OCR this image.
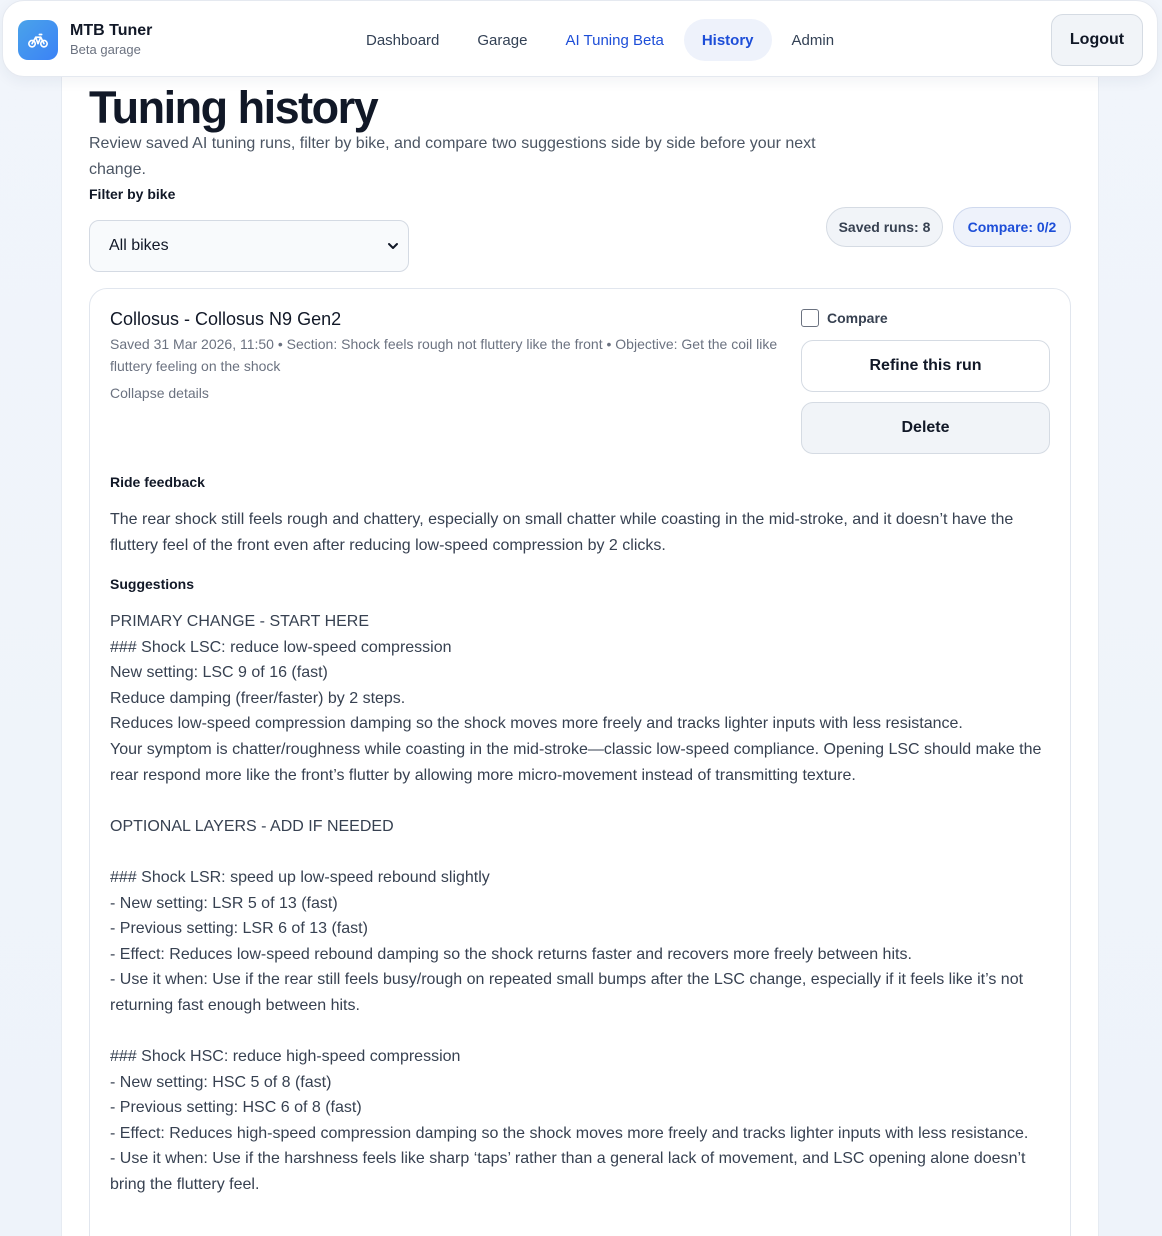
MTB Tuner
Beta garage
Dashboard	Garage	AI Tuning Beta	History	Admin	Logout
Tuning history

Review saved AI tuning runs, filter by bike, and compare two suggestions side by side before your next change.

Filter by bike
All bikes
Saved runs: 8	Compare: 0/2
Collosus - Collosus N9 Gen2
Saved 31 Mar 2026, 11:50 • Section: Shock feels rough not fluttery like the front • Objective: Get the coil like fluttery feeling on the shock
Collapse details
Compare
Refine this run
Delete
Ride feedback
The rear shock still feels rough and chattery, especially on small chatter while coasting in the mid-stroke, and it doesn’t have the fluttery feel of the front even after reducing low-speed compression by 2 clicks.
Suggestions
PRIMARY CHANGE - START HERE
### Shock LSC: reduce low-speed compression
New setting: LSC 9 of 16 (fast)
Reduce damping (freer/faster) by 2 steps.
Reduces low-speed compression damping so the shock moves more freely and tracks lighter inputs with less resistance.
Your symptom is chatter/roughness while coasting in the mid-stroke—classic low-speed compliance. Opening LSC should make the rear respond more like the front’s flutter by allowing more micro-movement instead of transmitting texture.
OPTIONAL LAYERS - ADD IF NEEDED
### Shock LSR: speed up low-speed rebound slightly
- New setting: LSR 5 of 13 (fast)
- Previous setting: LSR 6 of 13 (fast)
- Effect: Reduces low-speed rebound damping so the shock returns faster and recovers more freely between hits.
- Use it when: Use if the rear still feels busy/rough on repeated small bumps after the LSC change, especially if it feels like it’s not returning fast enough between hits.
### Shock HSC: reduce high-speed compression
- New setting: HSC 5 of 8 (fast)
- Previous setting: HSC 6 of 8 (fast)
- Effect: Reduces high-speed compression damping so the shock moves more freely and tracks lighter inputs with less resistance.
- Use it when: Use if the harshness feels like sharp ‘taps’ rather than a general lack of movement, and LSC opening alone doesn’t bring the fluttery feel.
